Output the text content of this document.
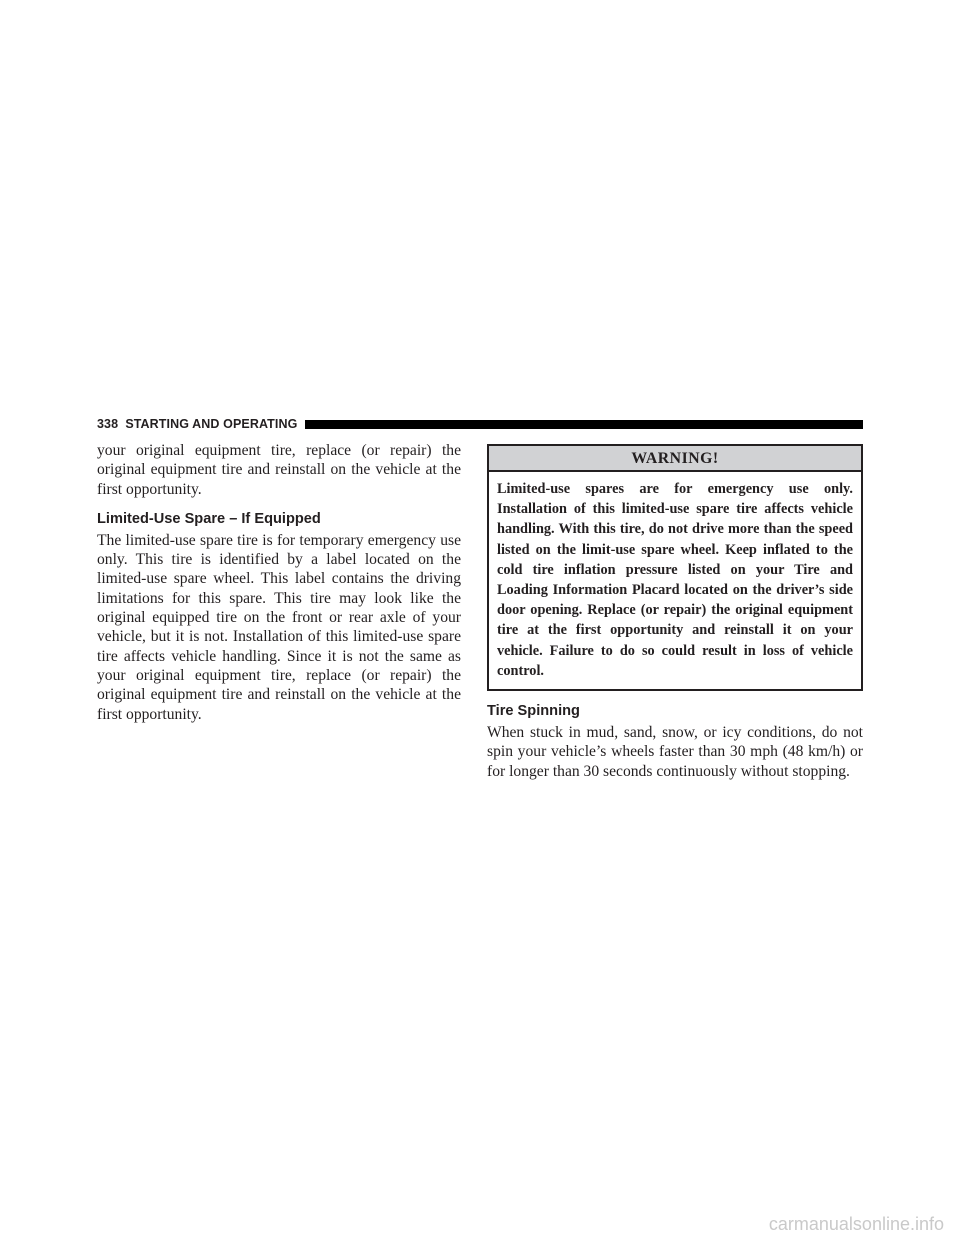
338 STARTING AND OPERATING

your original equipment tire, replace (or repair) the original equipment tire and reinstall on the vehicle at the first opportunity.

Limited-Use Spare – If Equipped

The limited-use spare tire is for temporary emergency use only. This tire is identified by a label located on the limited-use spare wheel. This label contains the driving limitations for this spare. This tire may look like the original equipped tire on the front or rear axle of your vehicle, but it is not. Installation of this limited-use spare tire affects vehicle handling. Since it is not the same as your original equipment tire, replace (or repair) the original equipment tire and reinstall on the vehicle at the first opportunity.

WARNING!
Limited-use spares are for emergency use only. Installation of this limited-use spare tire affects vehicle handling. With this tire, do not drive more than the speed listed on the limit-use spare wheel. Keep inflated to the cold tire inflation pressure listed on your Tire and Loading Information Placard located on the driver’s side door opening. Replace (or repair) the original equipment tire at the first opportunity and reinstall it on your vehicle. Failure to do so could result in loss of vehicle control.
Tire Spinning

When stuck in mud, sand, snow, or icy conditions, do not spin your vehicle’s wheels faster than 30 mph (48 km/h) or for longer than 30 seconds continuously without stopping.

carmanualsonline.info
